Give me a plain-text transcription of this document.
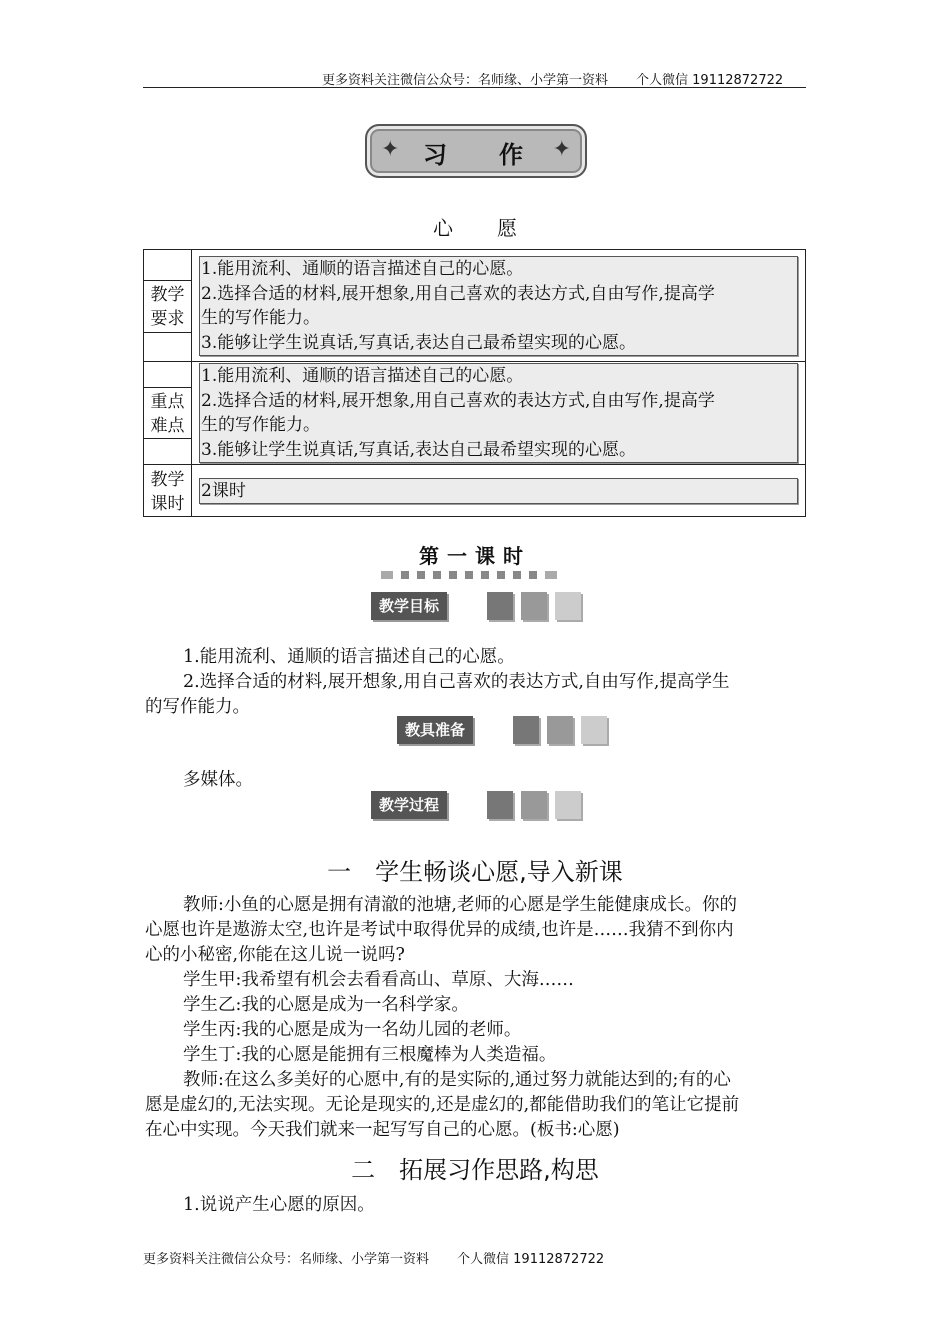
更多资料关注微信公众号：名师缘、小学第一资料 个人微信 19112872722
✦ 习 作 ✦
心愿
教学
要求
1.能用流利、通顺的语言描述自己的心愿。
2.选择合适的材料,展开想象,用自己喜欢的表达方式,自由写作,提高学
生的写作能力。
3.能够让学生说真话,写真话,表达自己最希望实现的心愿。
重点
难点
1.能用流利、通顺的语言描述自己的心愿。
2.选择合适的材料,展开想象,用自己喜欢的表达方式,自由写作,提高学
生的写作能力。
3.能够让学生说真话,写真话,表达自己最希望实现的心愿。
教学
课时
2课时
第一课时
教学目标
1.能用流利、通顺的语言描述自己的心愿。
2.选择合适的材料,展开想象,用自己喜欢的表达方式,自由写作,提高学生
的写作能力。
教具准备
多媒体。
教学过程
一　学生畅谈心愿,导入新课
教师:小鱼的心愿是拥有清澈的池塘,老师的心愿是学生能健康成长。你的
心愿也许是遨游太空,也许是考试中取得优异的成绩,也许是……我猜不到你内
心的小秘密,你能在这儿说一说吗?
学生甲:我希望有机会去看看高山、草原、大海……
学生乙:我的心愿是成为一名科学家。
学生丙:我的心愿是成为一名幼儿园的老师。
学生丁:我的心愿是能拥有三根魔棒为人类造福。
教师:在这么多美好的心愿中,有的是实际的,通过努力就能达到的;有的心
愿是虚幻的,无法实现。无论是现实的,还是虚幻的,都能借助我们的笔让它提前
在心中实现。今天我们就来一起写写自己的心愿。(板书:心愿)
二　拓展习作思路,构思
1.说说产生心愿的原因。
更多资料关注微信公众号：名师缘、小学第一资料 个人微信 19112872722
